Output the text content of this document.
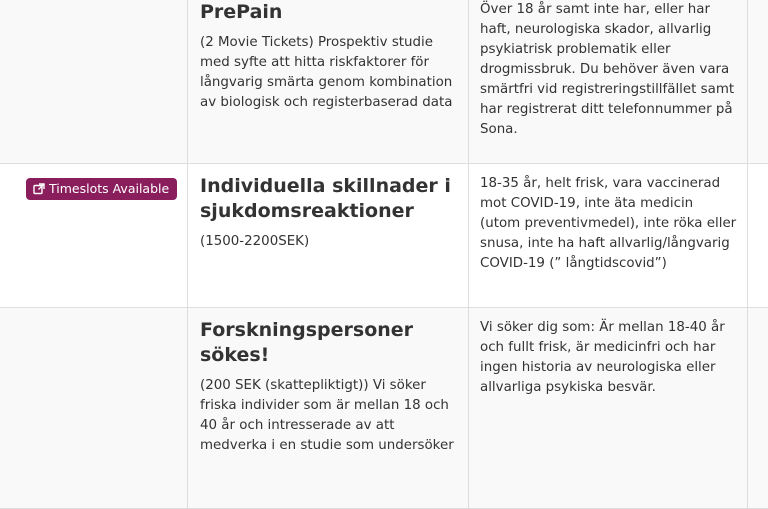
PrePain

(2 Movie Tickets) Prospektiv studie med syfte att hitta riskfaktorer för långvarig smärta genom kombination av biologisk och registerbaserad data

Över 18 år samt inte har, eller har haft, neurologiska skador, allvarlig psykiatrisk problematik eller drogmissbruk. Du behöver även vara smärtfri vid registreringstillfället samt har registrerat ditt telefonnummer på Sona.

Timeslots Available Individuella skillnader i sjukdomsreaktioner

(1500-2200SEK)

18-35 år, helt frisk, vara vaccinerad mot COVID-19, inte äta medicin (utom preventivmedel), inte röka eller snusa, inte ha haft allvarlig/långvarig COVID-19 (” långtidscovid”)

Forskningspersoner sökes!

(200 SEK (skattepliktigt)) Vi söker friska individer som är mellan 18 och 40 år och intresserade av att medverka i en studie som undersöker

Vi söker dig som: Är mellan 18-40 år och fullt frisk, är medicinfri och har ingen historia av neurologiska eller allvarliga psykiska besvär.
